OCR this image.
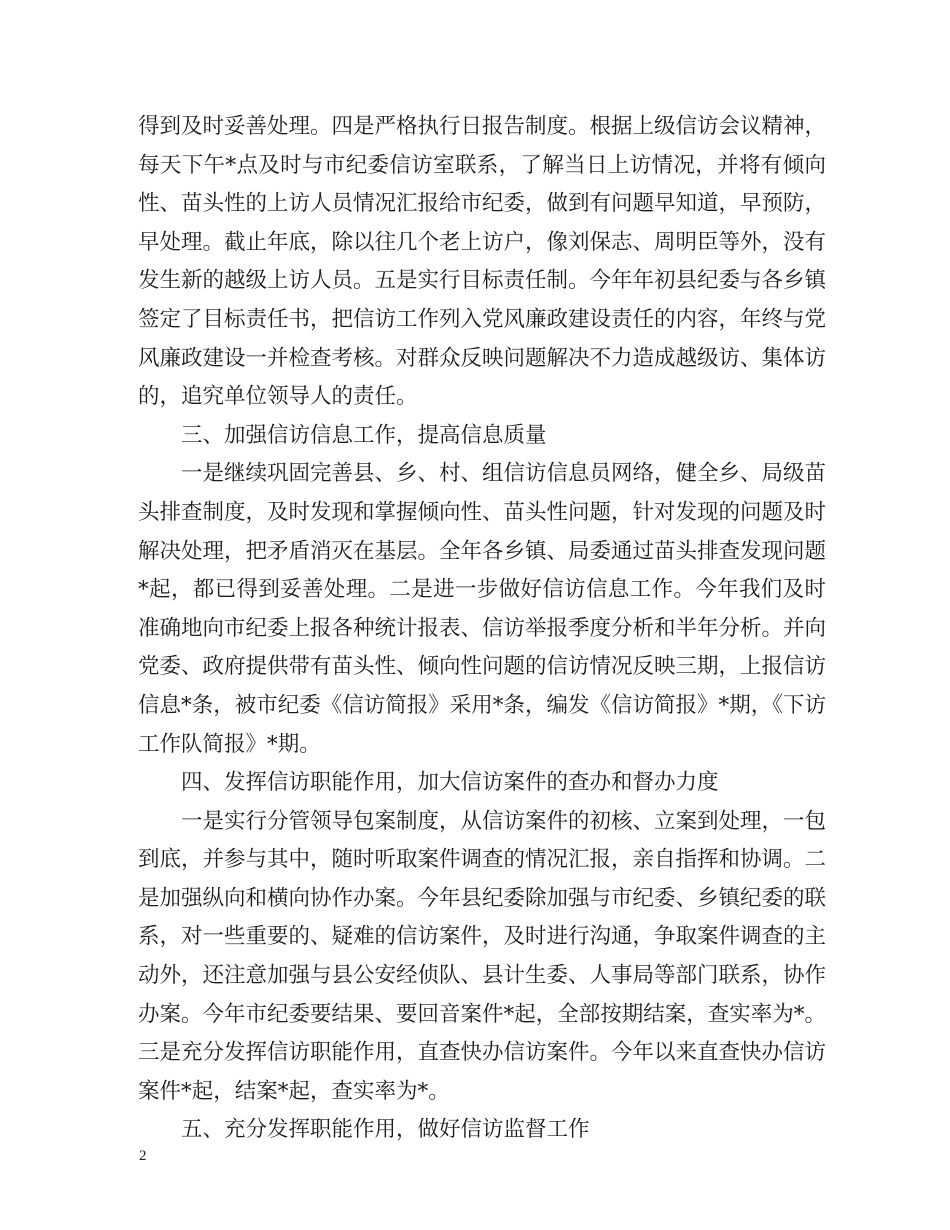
得到及时妥善处理。四是严格执行日报告制度。根据上级信访会议精神，每天下午*点及时与市纪委信访室联系，了解当日上访情况，并将有倾向性、苗头性的上访人员情况汇报给市纪委，做到有问题早知道，早预防，早处理。截止年底，除以往几个老上访户，像刘保志、周明臣等外，没有发生新的越级上访人员。五是实行目标责任制。今年年初县纪委与各乡镇签定了目标责任书，把信访工作列入党风廉政建设责任的内容，年终与党风廉政建设一并检查考核。对群众反映问题解决不力造成越级访、集体访的，追究单位领导人的责任。

三、加强信访信息工作，提高信息质量

一是继续巩固完善县、乡、村、组信访信息员网络，健全乡、局级苗头排查制度，及时发现和掌握倾向性、苗头性问题，针对发现的问题及时解决处理，把矛盾消灭在基层。全年各乡镇、局委通过苗头排查发现问题*起，都已得到妥善处理。二是进一步做好信访信息工作。今年我们及时准确地向市纪委上报各种统计报表、信访举报季度分析和半年分析。并向党委、政府提供带有苗头性、倾向性问题的信访情况反映三期，上报信访信息*条，被市纪委《信访简报》采用*条，编发《信访简报》*期，《下访工作队简报》*期。

四、发挥信访职能作用，加大信访案件的查办和督办力度

一是实行分管领导包案制度，从信访案件的初核、立案到处理，一包到底，并参与其中，随时听取案件调查的情况汇报，亲自指挥和协调。二是加强纵向和横向协作办案。今年县纪委除加强与市纪委、乡镇纪委的联系，对一些重要的、疑难的信访案件，及时进行沟通，争取案件调查的主动外，还注意加强与县公安经侦队、县计生委、人事局等部门联系，协作办案。今年市纪委要结果、要回音案件*起，全部按期结案，查实率为*。三是充分发挥信访职能作用，直查快办信访案件。今年以来直查快办信访案件*起，结案*起，查实率为*。

五、充分发挥职能作用，做好信访监督工作

2
